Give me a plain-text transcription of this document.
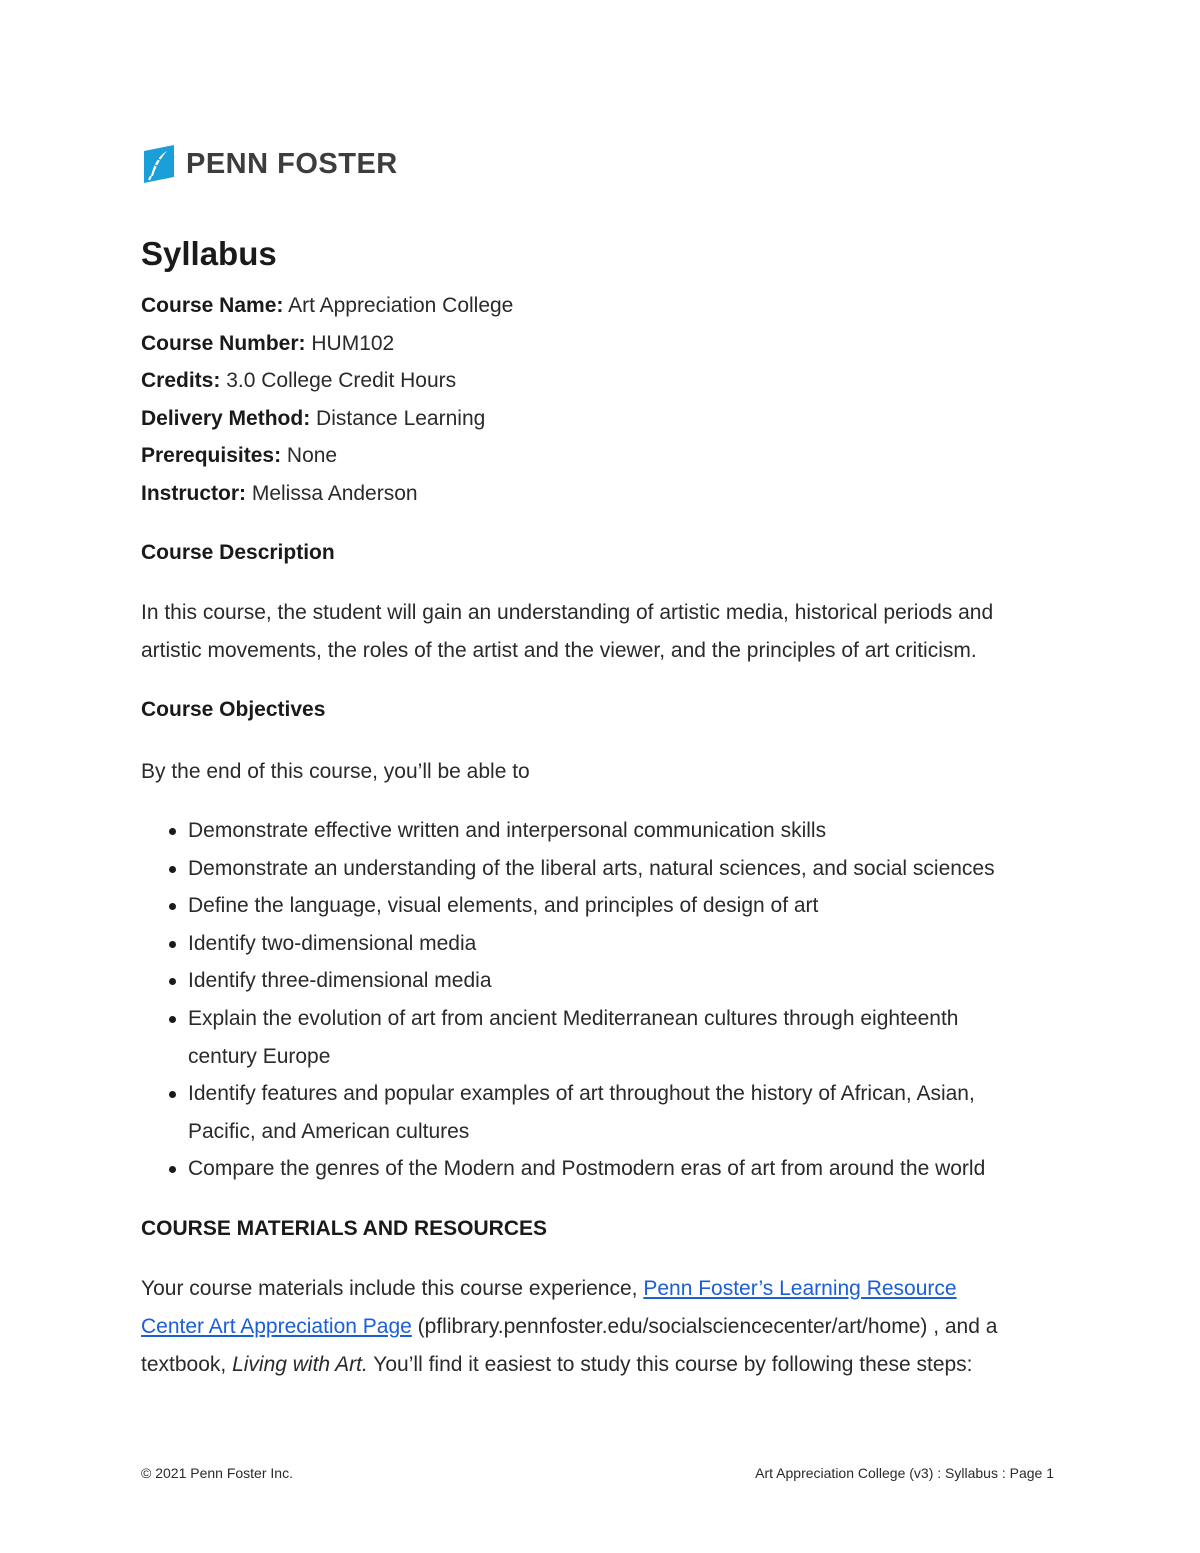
PENN FOSTER
Syllabus
Course Name: Art Appreciation College
Course Number: HUM102
Credits: 3.0 College Credit Hours
Delivery Method: Distance Learning
Prerequisites: None
Instructor: Melissa Anderson
Course Description

In this course, the student will gain an understanding of artistic media, historical periods and
artistic movements, the roles of the artist and the viewer, and the principles of art criticism.

Course Objectives

By the end of this course, you’ll be able to

Demonstrate effective written and interpersonal communication skills
Demonstrate an understanding of the liberal arts, natural sciences, and social sciences
Define the language, visual elements, and principles of design of art
Identify two-dimensional media
Identify three-dimensional media
Explain the evolution of art from ancient Mediterranean cultures through eighteenth
century Europe
Identify features and popular examples of art throughout the history of African, Asian,
Pacific, and American cultures
Compare the genres of the Modern and Postmodern eras of art from around the world
COURSE MATERIALS AND RESOURCES

Your course materials include this course experience, Penn Foster’s Learning Resource
Center Art Appreciation Page (pflibrary.pennfoster.edu/socialsciencecenter/art/home) , and a
textbook, Living with Art. You’ll find it easiest to study this course by following these steps:

© 2021 Penn Foster Inc.	Art Appreciation College (v3) : Syllabus : Page 1
